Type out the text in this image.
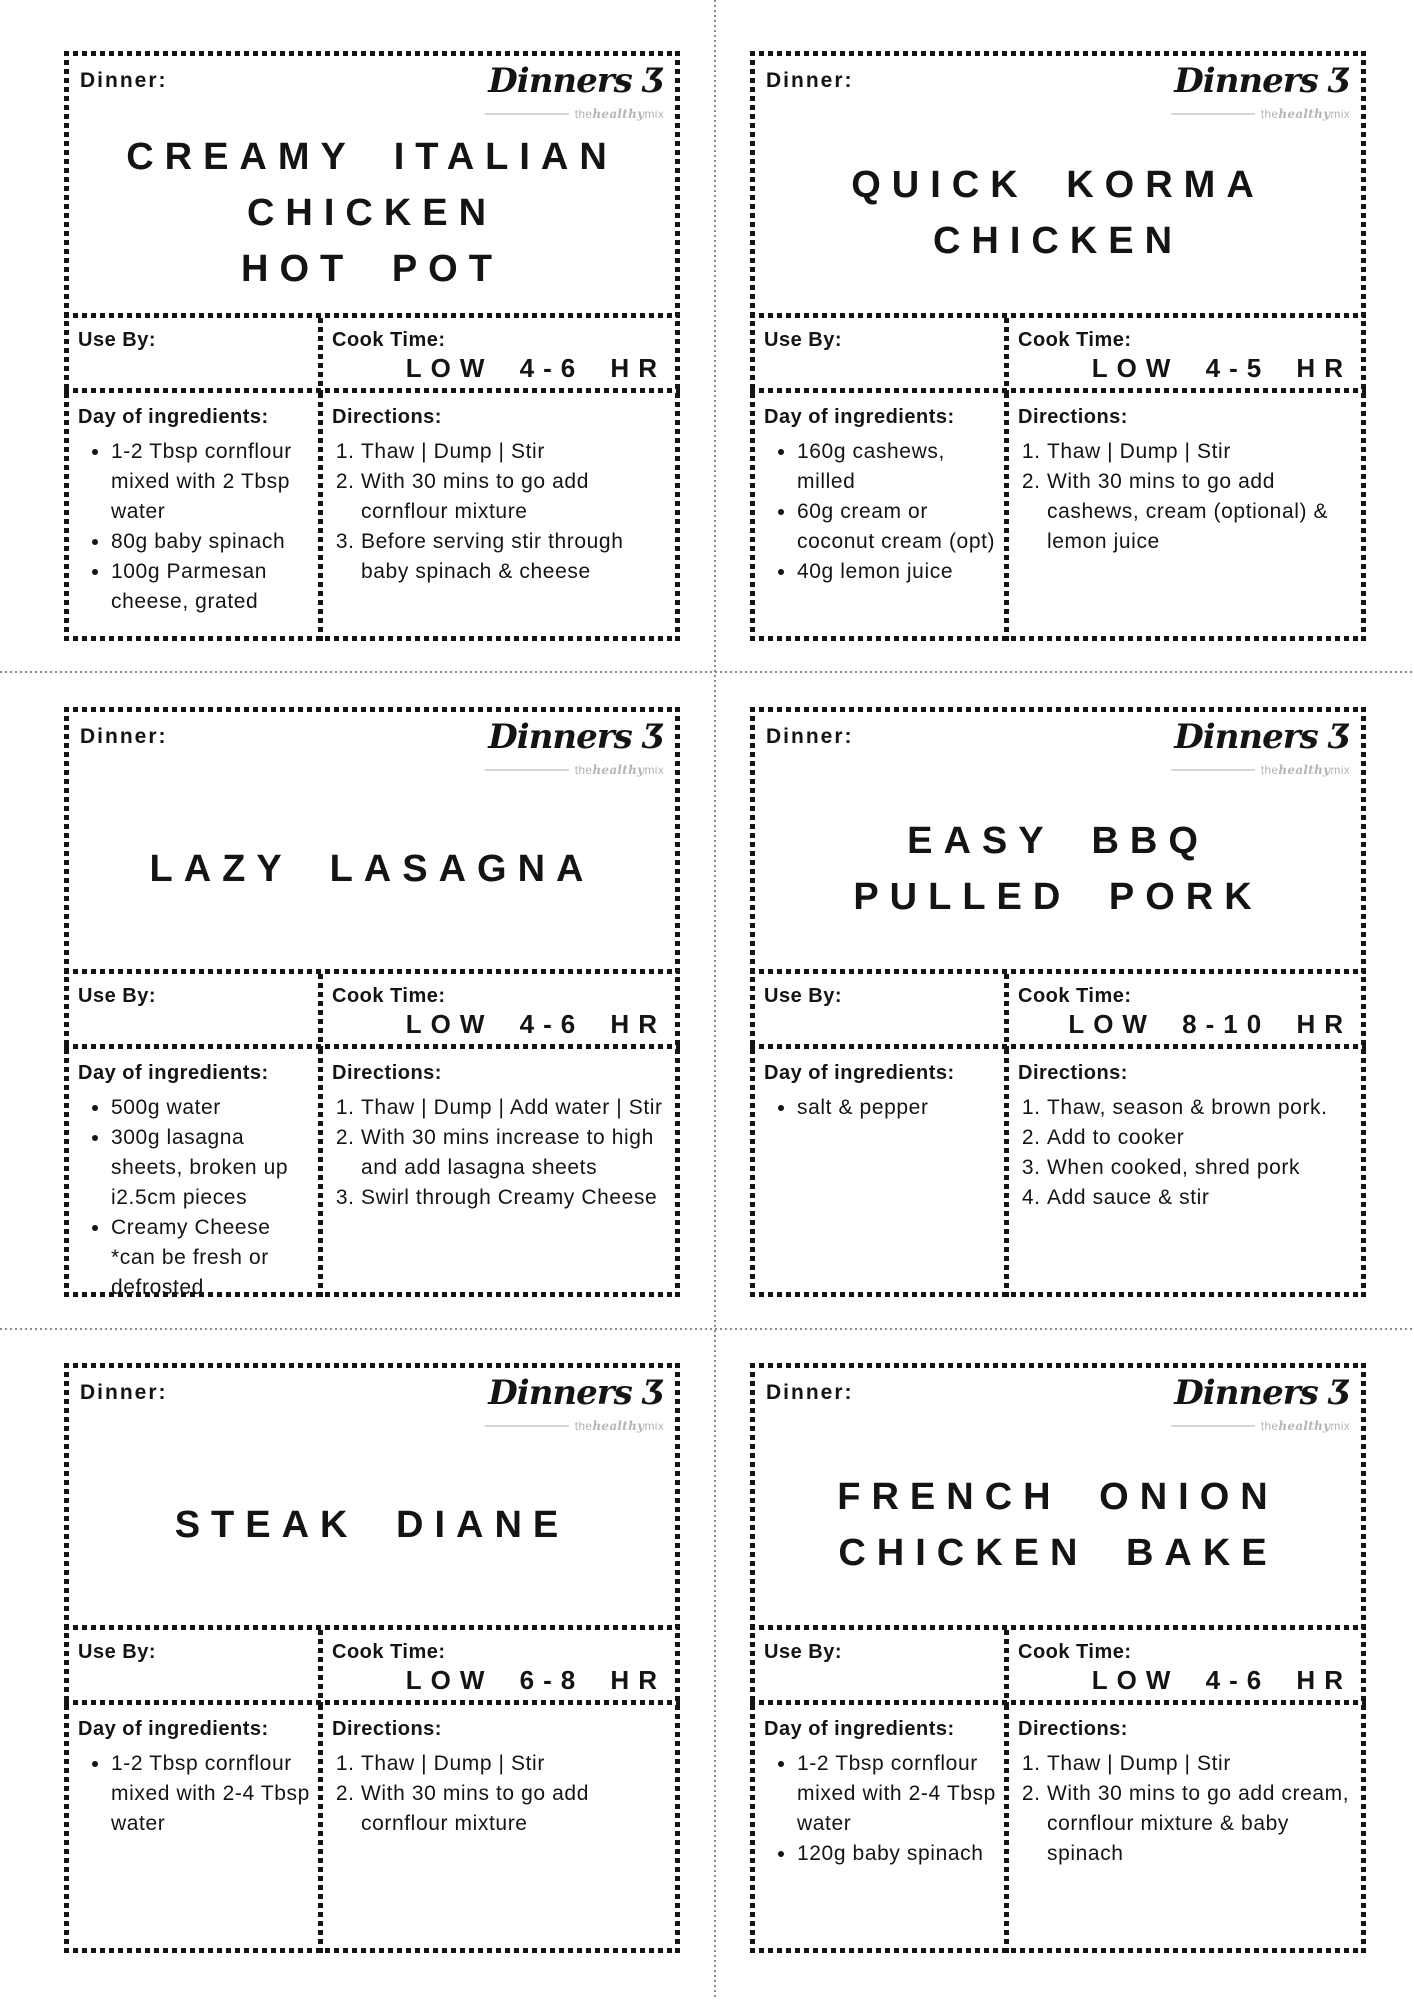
Dinner:	Dinners Ʒ
thehealthymix
CREAMY ITALIAN
CHICKEN
HOT POT
Use By:	Cook Time:
LOW 4-6 HR
Day of ingredients:
• 1-2 Tbsp cornflour mixed with 2 Tbsp water
• 80g baby spinach
• 100g Parmesan cheese, grated
Directions:
1. Thaw | Dump | Stir
2. With 30 mins to go add cornflour mixture
3. Before serving stir through baby spinach & cheese
Dinner:	Dinners Ʒ
thehealthymix
QUICK KORMA
CHICKEN
Use By:	Cook Time:
LOW 4-5 HR
Day of ingredients:
• 160g cashews, milled
• 60g cream or coconut cream (opt)
• 40g lemon juice
Directions:
1. Thaw | Dump | Stir
2. With 30 mins to go add cashews, cream (optional) & lemon juice
Dinner:	Dinners Ʒ
thehealthymix
LAZY LASAGNA
Use By:	Cook Time:
LOW 4-6 HR
Day of ingredients:
• 500g water
• 300g lasagna sheets, broken up i2.5cm pieces
• Creamy Cheese *can be fresh or defrosted
Directions:
1. Thaw | Dump | Add water | Stir
2. With 30 mins increase to high and add lasagna sheets
3. Swirl through Creamy Cheese
Dinner:	Dinners Ʒ
thehealthymix
EASY BBQ
PULLED PORK
Use By:	Cook Time:
LOW 8-10 HR
Day of ingredients:
• salt & pepper
Directions:
1. Thaw, season & brown pork.
2. Add to cooker
3. When cooked, shred pork
4. Add sauce & stir
Dinner:	Dinners Ʒ
thehealthymix
STEAK DIANE
Use By:	Cook Time:
LOW 6-8 HR
Day of ingredients:
• 1-2 Tbsp cornflour mixed with 2-4 Tbsp water
Directions:
1. Thaw | Dump | Stir
2. With 30 mins to go add cornflour mixture
Dinner:	Dinners Ʒ
thehealthymix
FRENCH ONION
CHICKEN BAKE
Use By:	Cook Time:
LOW 4-6 HR
Day of ingredients:
• 1-2 Tbsp cornflour mixed with 2-4 Tbsp water
• 120g baby spinach
Directions:
1. Thaw | Dump | Stir
2. With 30 mins to go add cream, cornflour mixture & baby spinach
